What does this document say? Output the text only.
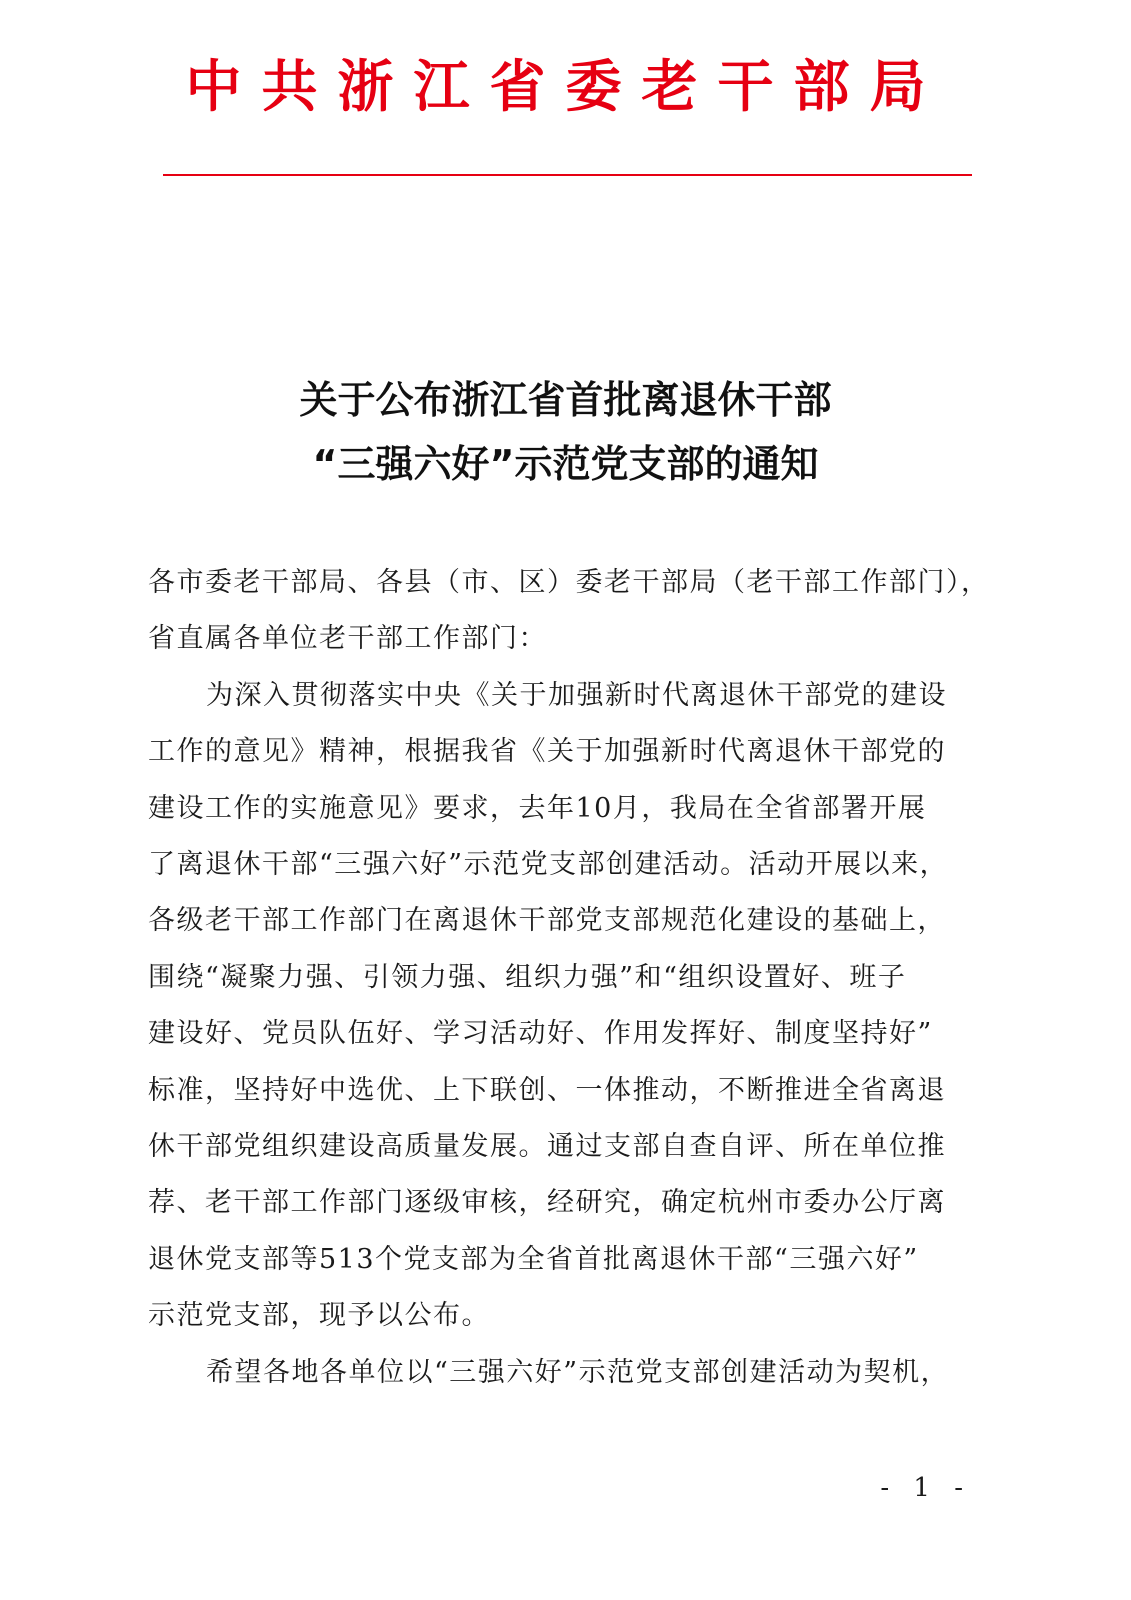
中共浙江省委老干部局
关于公布浙江省首批离退休干部
“三强六好”示范党支部的通知
各市委老干部局、各县（市、区）委老干部局（老干部工作部门），
省直属各单位老干部工作部门：
为深入贯彻落实中央《关于加强新时代离退休干部党的建设
工作的意见》精神，根据我省《关于加强新时代离退休干部党的
建设工作的实施意见》要求，去年10月，我局在全省部署开展
了离退休干部“三强六好”示范党支部创建活动。活动开展以来，
各级老干部工作部门在离退休干部党支部规范化建设的基础上，
围绕“凝聚力强、引领力强、组织力强”和“组织设置好、班子
建设好、党员队伍好、学习活动好、作用发挥好、制度坚持好”
标准，坚持好中选优、上下联创、一体推动，不断推进全省离退
休干部党组织建设高质量发展。通过支部自查自评、所在单位推
荐、老干部工作部门逐级审核，经研究，确定杭州市委办公厅离
退休党支部等513个党支部为全省首批离退休干部“三强六好”
示范党支部，现予以公布。
希望各地各单位以“三强六好”示范党支部创建活动为契机，
- 1 -
